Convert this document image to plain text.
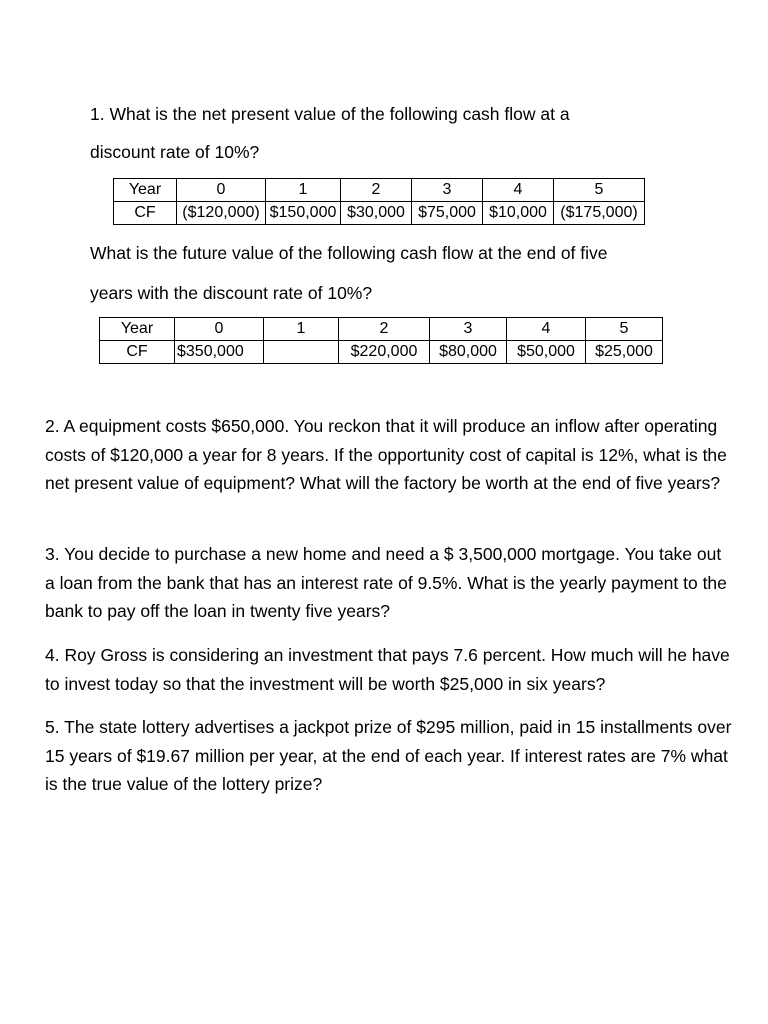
1. What is the net present value of the following cash flow at a
discount rate of 10%?
Year	0	1	2	3	4	5
CF	($120,000)	$150,000	$30,000	$75,000	$10,000	($175,000)
What is the future value of the following cash flow at the end of five
years with the discount rate of 10%?
Year	0	1	2	3	4	5
CF	$350,000		$220,000	$80,000	$50,000	$25,000
2. A equipment costs $650,000. You reckon that it will produce an inflow after operating costs of $120,000 a year for 8 years. If the opportunity cost of capital is 12%, what is the net present value of equipment? What will the factory be worth at the end of five years?
3. You decide to purchase a new home and need a $ 3,500,000 mortgage. You take out a loan from the bank that has an interest rate of 9.5%. What is the yearly payment to the bank to pay off the loan in twenty five years?
4. Roy Gross is considering an investment that pays 7.6 percent. How much will he have to invest today so that the investment will be worth $25,000 in six years?
5. The state lottery advertises a jackpot prize of $295 million, paid in 15 installments over 15 years of $19.67 million per year, at the end of each year. If interest rates are 7% what is the true value of the lottery prize?
